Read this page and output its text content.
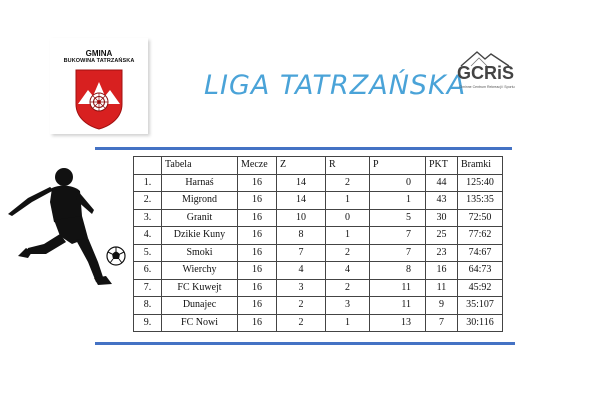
GMINA
BUKOWINA TATRZAŃSKA
LIGA TATRZAŃSKA
GCRiS
Gminne Centrum Rekreacji i Sportu
	Tabela	Mecze	Z	R	P	PKT	Bramki
1.	Harnaś	16	14	2	0	44	125:40
2.	Migrond	16	14	1	1	43	135:35
3.	Granit	16	10	0	5	30	72:50
4.	Dzikie Kuny	16	8	1	7	25	77:62
5.	Smoki	16	7	2	7	23	74:67
6.	Wierchy	16	4	4	8	16	64:73
7.	FC Kuwejt	16	3	2	11	11	45:92
8.	Dunajec	16	2	3	11	9	35:107
9.	FC Nowi	16	2	1	13	7	30:116
